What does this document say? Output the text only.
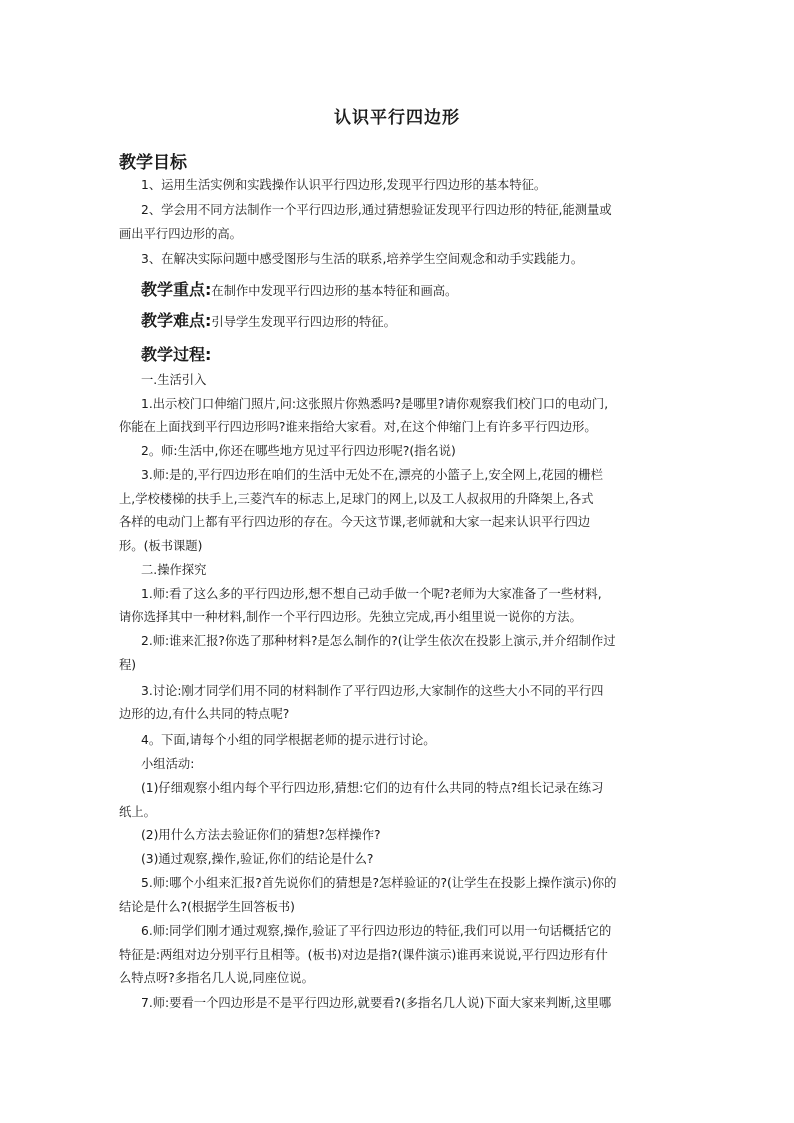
认识平行四边形
教学目标
1、运用生活实例和实践操作认识平行四边形,发现平行四边形的基本特征。
2、学会用不同方法制作一个平行四边形,通过猜想验证发现平行四边形的特征,能测量或
画出平行四边形的高。
3、在解决实际问题中感受图形与生活的联系,培养学生空间观念和动手实践能力。
教学重点:在制作中发现平行四边形的基本特征和画高。
教学难点:引导学生发现平行四边形的特征。
教学过程:
一.生活引入
1.出示校门口伸缩门照片,问:这张照片你熟悉吗?是哪里?请你观察我们校门口的电动门,
你能在上面找到平行四边形吗?谁来指给大家看。对,在这个伸缩门上有许多平行四边形。
2。师:生活中,你还在哪些地方见过平行四边形呢?(指名说)
3.师:是的,平行四边形在咱们的生活中无处不在,漂亮的小篮子上,安全网上,花园的栅栏
上,学校楼梯的扶手上,三菱汽车的标志上,足球门的网上,以及工人叔叔用的升降架上,各式
各样的电动门上都有平行四边形的存在。今天这节课,老师就和大家一起来认识平行四边
形。(板书课题)
二.操作探究
1.师:看了这么多的平行四边形,想不想自己动手做一个呢?老师为大家准备了一些材料,
请你选择其中一种材料,制作一个平行四边形。先独立完成,再小组里说一说你的方法。
2.师:谁来汇报?你选了那种材料?是怎么制作的?(让学生依次在投影上演示,并介绍制作过
程)
3.讨论:刚才同学们用不同的材料制作了平行四边形,大家制作的这些大小不同的平行四
边形的边,有什么共同的特点呢?
4。下面,请每个小组的同学根据老师的提示进行讨论。
小组活动:
(1)仔细观察小组内每个平行四边形,猜想:它们的边有什么共同的特点?组长记录在练习
纸上。
(2)用什么方法去验证你们的猜想?怎样操作?
(3)通过观察,操作,验证,你们的结论是什么?
5.师:哪个小组来汇报?首先说你们的猜想是?怎样验证的?(让学生在投影上操作演示)你的
结论是什么?(根据学生回答板书)
6.师:同学们刚才通过观察,操作,验证了平行四边形边的特征,我们可以用一句话概括它的
特征是:两组对边分别平行且相等。(板书)对边是指?(课件演示)谁再来说说,平行四边形有什
么特点呀?多指名几人说,同座位说。
7.师:要看一个四边形是不是平行四边形,就要看?(多指名几人说)下面大家来判断,这里哪
